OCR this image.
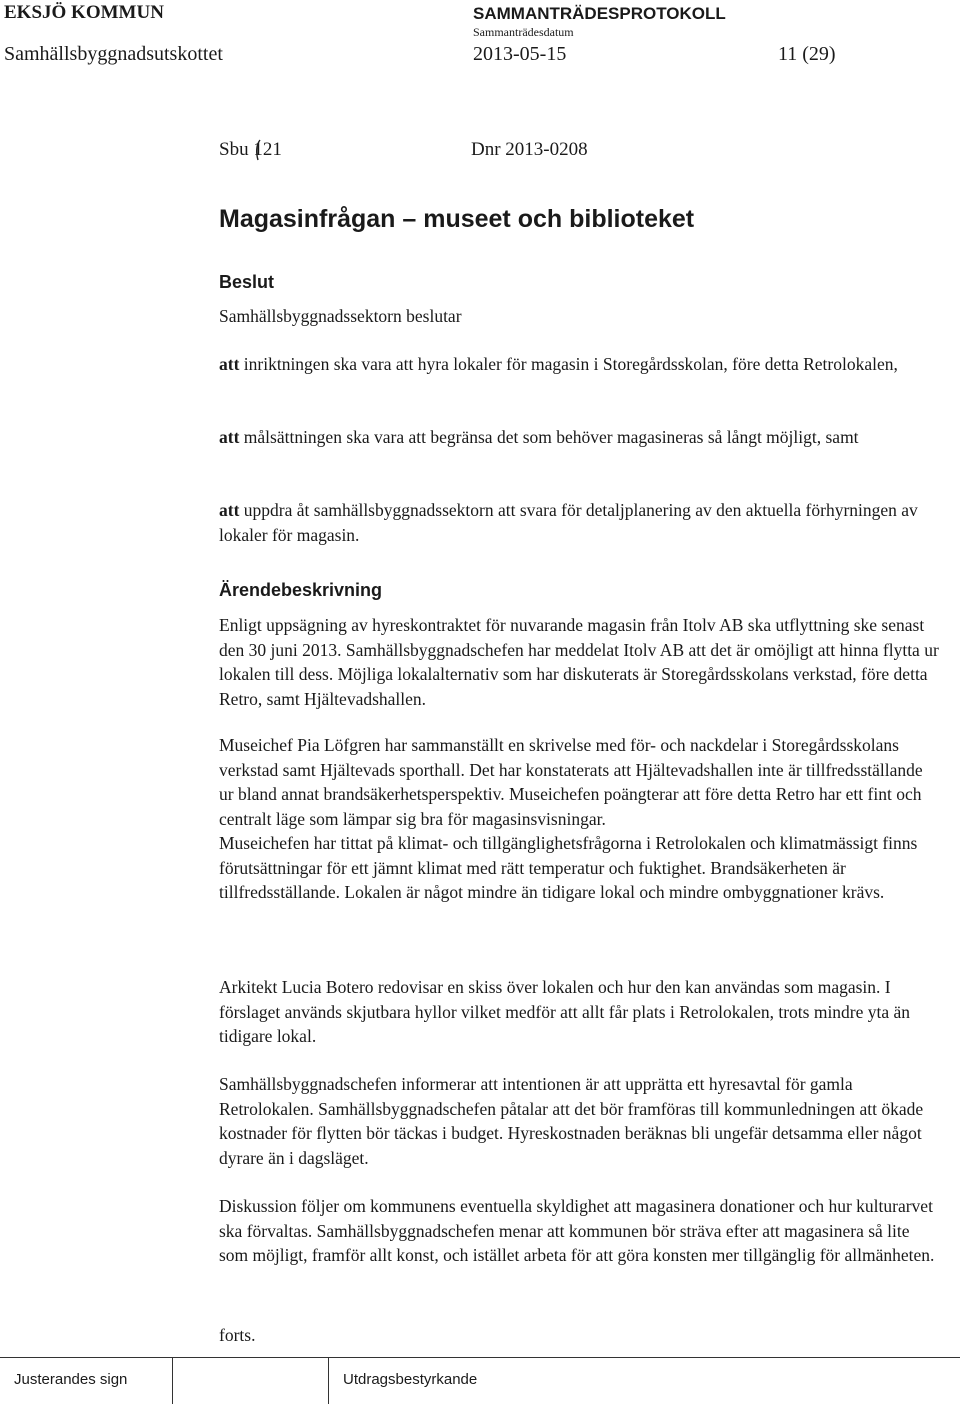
EKSJÖ KOMMUN	SAMMANTRÄDESPROTOKOLL
Sammanträdesdatum
Samhällsbyggnadsutskottet	2013-05-15	11 (29)
Sbu 121	Dnr 2013-0208
Magasinfrågan – museet och biblioteket
Beslut

Samhällsbyggnadssektorn beslutar

att inriktningen ska vara att hyra lokaler för magasin i Storegårdsskolan, före detta Retrolokalen,

att målsättningen ska vara att begränsa det som behöver magasineras så långt möjligt, samt

att uppdra åt samhällsbyggnadssektorn att svara för detaljplanering av den aktuella förhyrningen av lokaler för magasin.

Ärendebeskrivning

Enligt uppsägning av hyreskontraktet för nuvarande magasin från Itolv AB ska utflyttning ske senast den 30 juni 2013. Samhällsbyggnadschefen har meddelat Itolv AB att det är omöjligt att hinna flytta ur lokalen till dess. Möjliga lokalalternativ som har diskuterats är Storegårdsskolans verkstad, före detta Retro, samt Hjältevadshallen.

Museichef Pia Löfgren har sammanställt en skrivelse med för- och nackdelar i Storegårdsskolans verkstad samt Hjältevads sporthall. Det har konstaterats att Hjältevadshallen inte är tillfredsställande ur bland annat brandsäkerhetsperspektiv. Museichefen poängterar att före detta Retro har ett fint och centralt läge som lämpar sig bra för magasinsvisningar.

Museichefen har tittat på klimat- och tillgänglighetsfrågorna i Retrolokalen och klimatmässigt finns förutsättningar för ett jämnt klimat med rätt temperatur och fuktighet. Brandsäkerheten är tillfredsställande. Lokalen är något mindre än tidigare lokal och mindre ombyggnationer krävs.

Arkitekt Lucia Botero redovisar en skiss över lokalen och hur den kan användas som magasin. I förslaget används skjutbara hyllor vilket medför att allt får plats i Retrolokalen, trots mindre yta än tidigare lokal.

Samhällsbyggnadschefen informerar att intentionen är att upprätta ett hyresavtal för gamla Retrolokalen. Samhällsbyggnadschefen påtalar att det bör framföras till kommunledningen att ökade kostnader för flytten bör täckas i budget. Hyreskostnaden beräknas bli ungefär detsamma eller något dyrare än i dagsläget.

Diskussion följer om kommunens eventuella skyldighet att magasinera donationer och hur kulturarvet ska förvaltas. Samhällsbyggnadschefen menar att kommunen bör sträva efter att magasinera så lite som möjligt, framför allt konst, och istället arbeta för att göra konsten mer tillgänglig för allmänheten.

forts.

Justerandes sign	Utdragsbestyrkande
